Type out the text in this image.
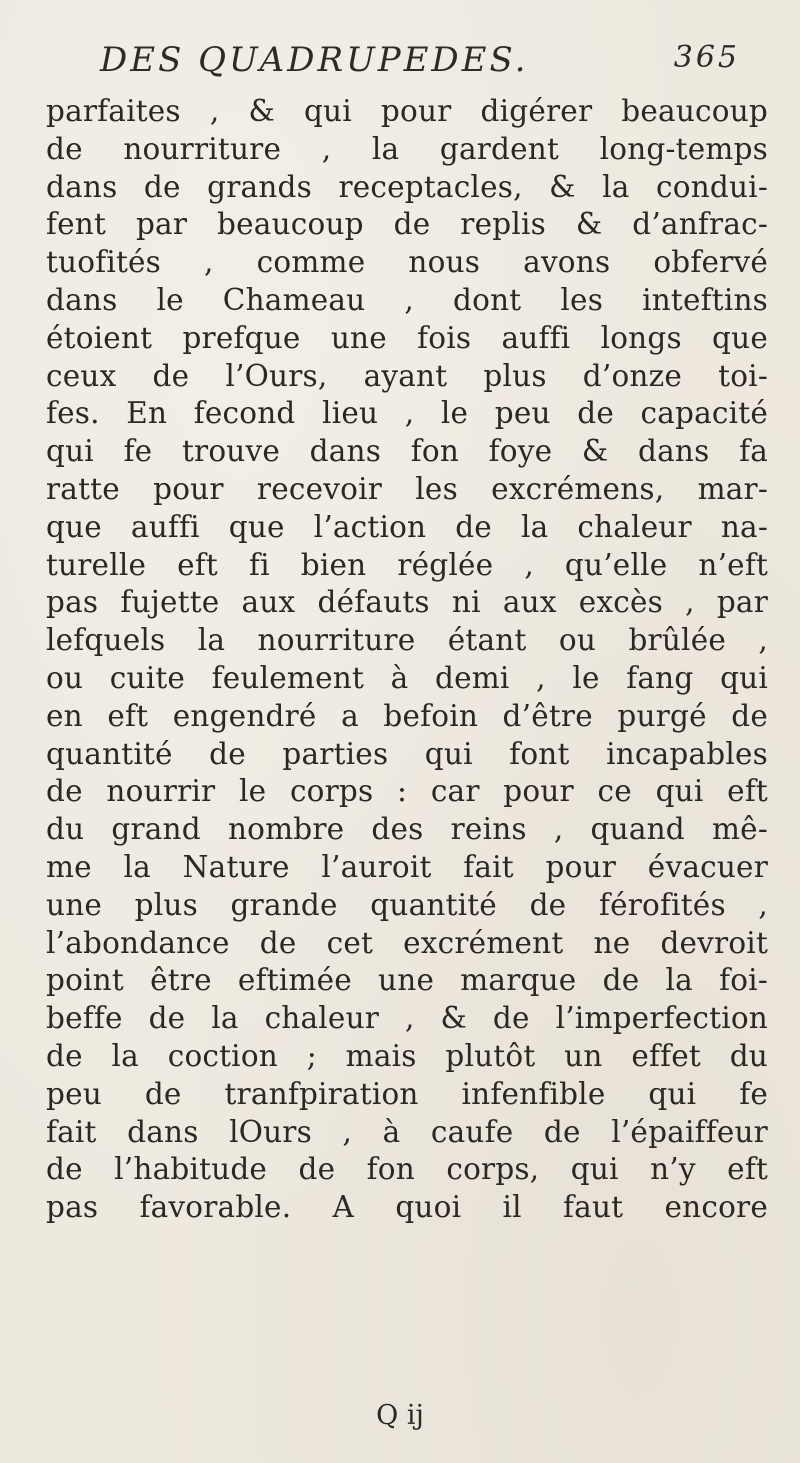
DES QUADRUPEDES.	365
parfaites , & qui pour digérer beaucoup
de nourriture , la gardent long-temps
dans de grands receptacles, & la condui-
fent par beaucoup de replis & d’anfrac-
tuofités , comme nous avons obfervé
dans le Chameau , dont les inteftins
étoient prefque une fois auffi longs que
ceux de l’Ours, ayant plus d’onze toi-
fes. En fecond lieu , le peu de capacité
qui fe trouve dans fon foye & dans fa
ratte pour recevoir les excrémens, mar-
que auffi que l’action de la chaleur na-
turelle eft fi bien réglée , qu’elle n’eft
pas fujette aux défauts ni aux excès , par
lefquels la nourriture étant ou brûlée ,
ou cuite feulement à demi , le fang qui
en eft engendré a befoin d’être purgé de
quantité de parties qui font incapables
de nourrir le corps : car pour ce qui eft
du grand nombre des reins , quand mê-
me la Nature l’auroit fait pour évacuer
une plus grande quantité de férofités ,
l’abondance de cet excrément ne devroit
point être eftimée une marque de la foi-
beffe de la chaleur , & de l’imperfection
de la coction ; mais plutôt un effet du
peu de tranfpiration infenfible qui fe
fait dans lOurs , à caufe de l’épaiffeur
de l’habitude de fon corps, qui n’y eft
pas favorable. A quoi il faut encore
Q ij
